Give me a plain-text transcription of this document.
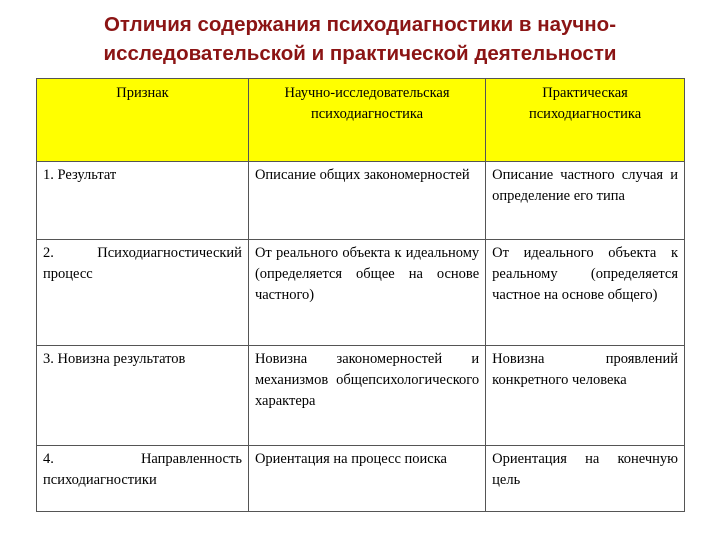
Отличия содержания психодиагностики в научно-
исследовательской и практической деятельности
Признак	Научно-исследовательская психодиагностика	Практическая психодиагностика
1. Результат	Описание общих закономерностей	Описание частного случая и определение его типа
2. Психодиагностический процесс	От реального объекта к идеальному (определяется общее на основе частного)	От идеального объекта к реальному (определяется частное на основе общего)
3. Новизна результатов	Новизна закономерностей и механизмов общепсихологического характера	Новизна проявлений конкретного человека
4. Направленность психодиагностики	Ориентация на процесс поиска	Ориентация на конечную цель
